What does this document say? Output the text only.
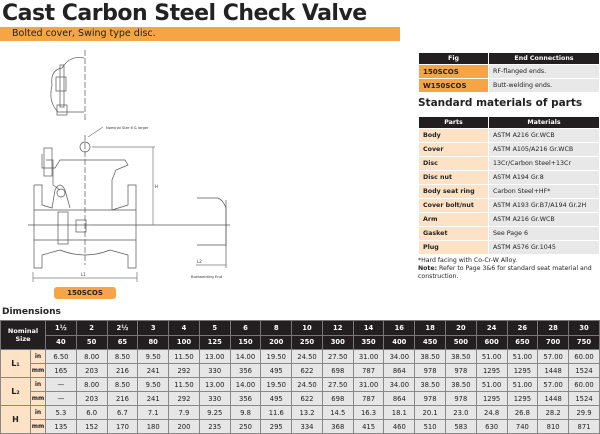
Cast Carbon Steel Check Valve
Bolted cover, Swing type disc.
Nominal Size 6 & larger
H
L1
L2
Buttwelding End
150SCOS
Fig	End Connections
150SCOS	RF-flanged ends.
W150SCOS	Butt-welding ends.
Standard materials of parts
Parts	Materials
Body	ASTM A216 Gr.WCB
Cover	ASTM A105/A216 Gr.WCB
Disc	13Cr/Carbon Steel+13Cr
Disc nut	ASTM A194 Gr.8
Body seat ring	Carbon Steel+HF*
Cover bolt/nut	ASTM A193 Gr.B7/A194 Gr.2H
Arm	ASTM A216 Gr.WCB
Gasket	See Page 6
Plug	ASTM A576 Gr.1045
*Hard facing with Co-Cr-W Alloy.
Note: Refer to Page 3&6 for standard seat material and construction.
Dimensions
Nominal Size		1½	2	2½	3	4	5	6	8	10	12	14	16	18	20	24	26	28	30
		40	50	65	80	100	125	150	200	250	300	350	400	450	500	600	650	700	750
L₁	in	6.50	8.00	8.50	9.50	11.50	13.00	14.00	19.50	24.50	27.50	31.00	34.00	38.50	38.50	51.00	51.00	57.00	60.00
	mm	165	203	216	241	292	330	356	495	622	698	787	864	978	978	1295	1295	1448	1524
L₂	in	—	8.00	8.50	9.50	11.50	13.00	14.00	19.50	24.50	27.50	31.00	34.00	38.50	38.50	51.00	51.00	57.00	60.00
	mm	—	203	216	241	292	330	356	495	622	698	787	864	978	978	1295	1295	1448	1524
H	in	5.3	6.0	6.7	7.1	7.9	9.25	9.8	11.6	13.2	14.5	16.3	18.1	20.1	23.0	24.8	26.8	28.2	29.9
	mm	135	152	170	180	200	235	250	295	334	368	415	460	510	583	630	740	810	871
